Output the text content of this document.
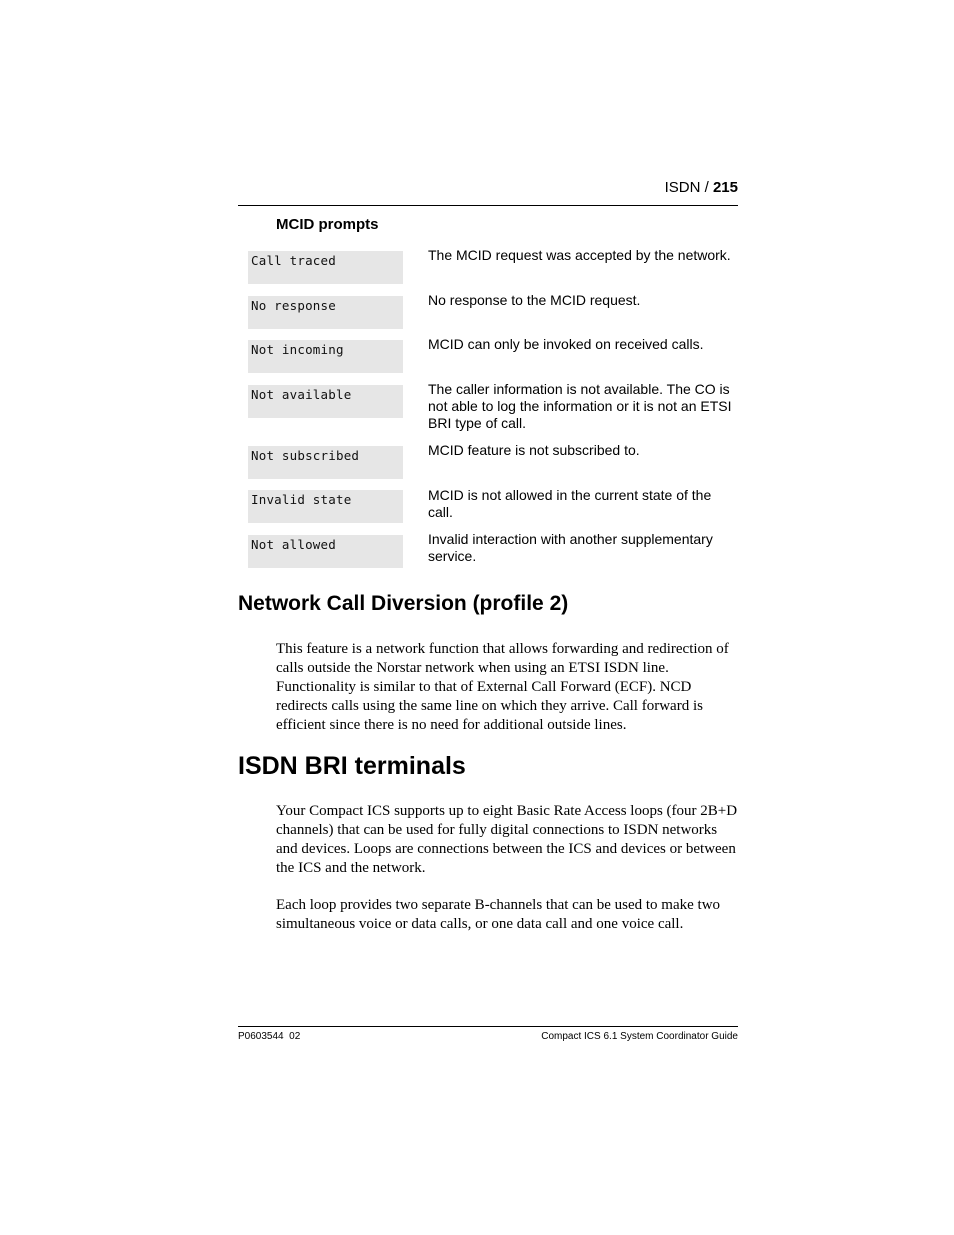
ISDN / 215
MCID prompts
Call traced	The MCID request was accepted by the network.
No response	No response to the MCID request.
Not incoming	MCID can only be invoked on received calls.
Not available	The caller information is not available. The CO is not able to log the information or it is not an ETSI BRI type of call.
Not subscribed	MCID feature is not subscribed to.
Invalid state	MCID is not allowed in the current state of the call.
Not allowed	Invalid interaction with another supplementary service.
Network Call Diversion (profile 2)
This feature is a network function that allows forwarding and redirection of calls outside the Norstar network when using an ETSI ISDN line. Functionality is similar to that of External Call Forward (ECF). NCD redirects calls using the same line on which they arrive. Call forward is efficient since there is no need for additional outside lines.
ISDN BRI terminals
Your Compact ICS supports up to eight Basic Rate Access loops (four 2B+D channels) that can be used for fully digital connections to ISDN networks and devices. Loops are connections between the ICS and devices or between the ICS and the network.
Each loop provides two separate B-channels that can be used to make two simultaneous voice or data calls, or one data call and one voice call.
P0603544  02	Compact ICS 6.1 System Coordinator Guide
